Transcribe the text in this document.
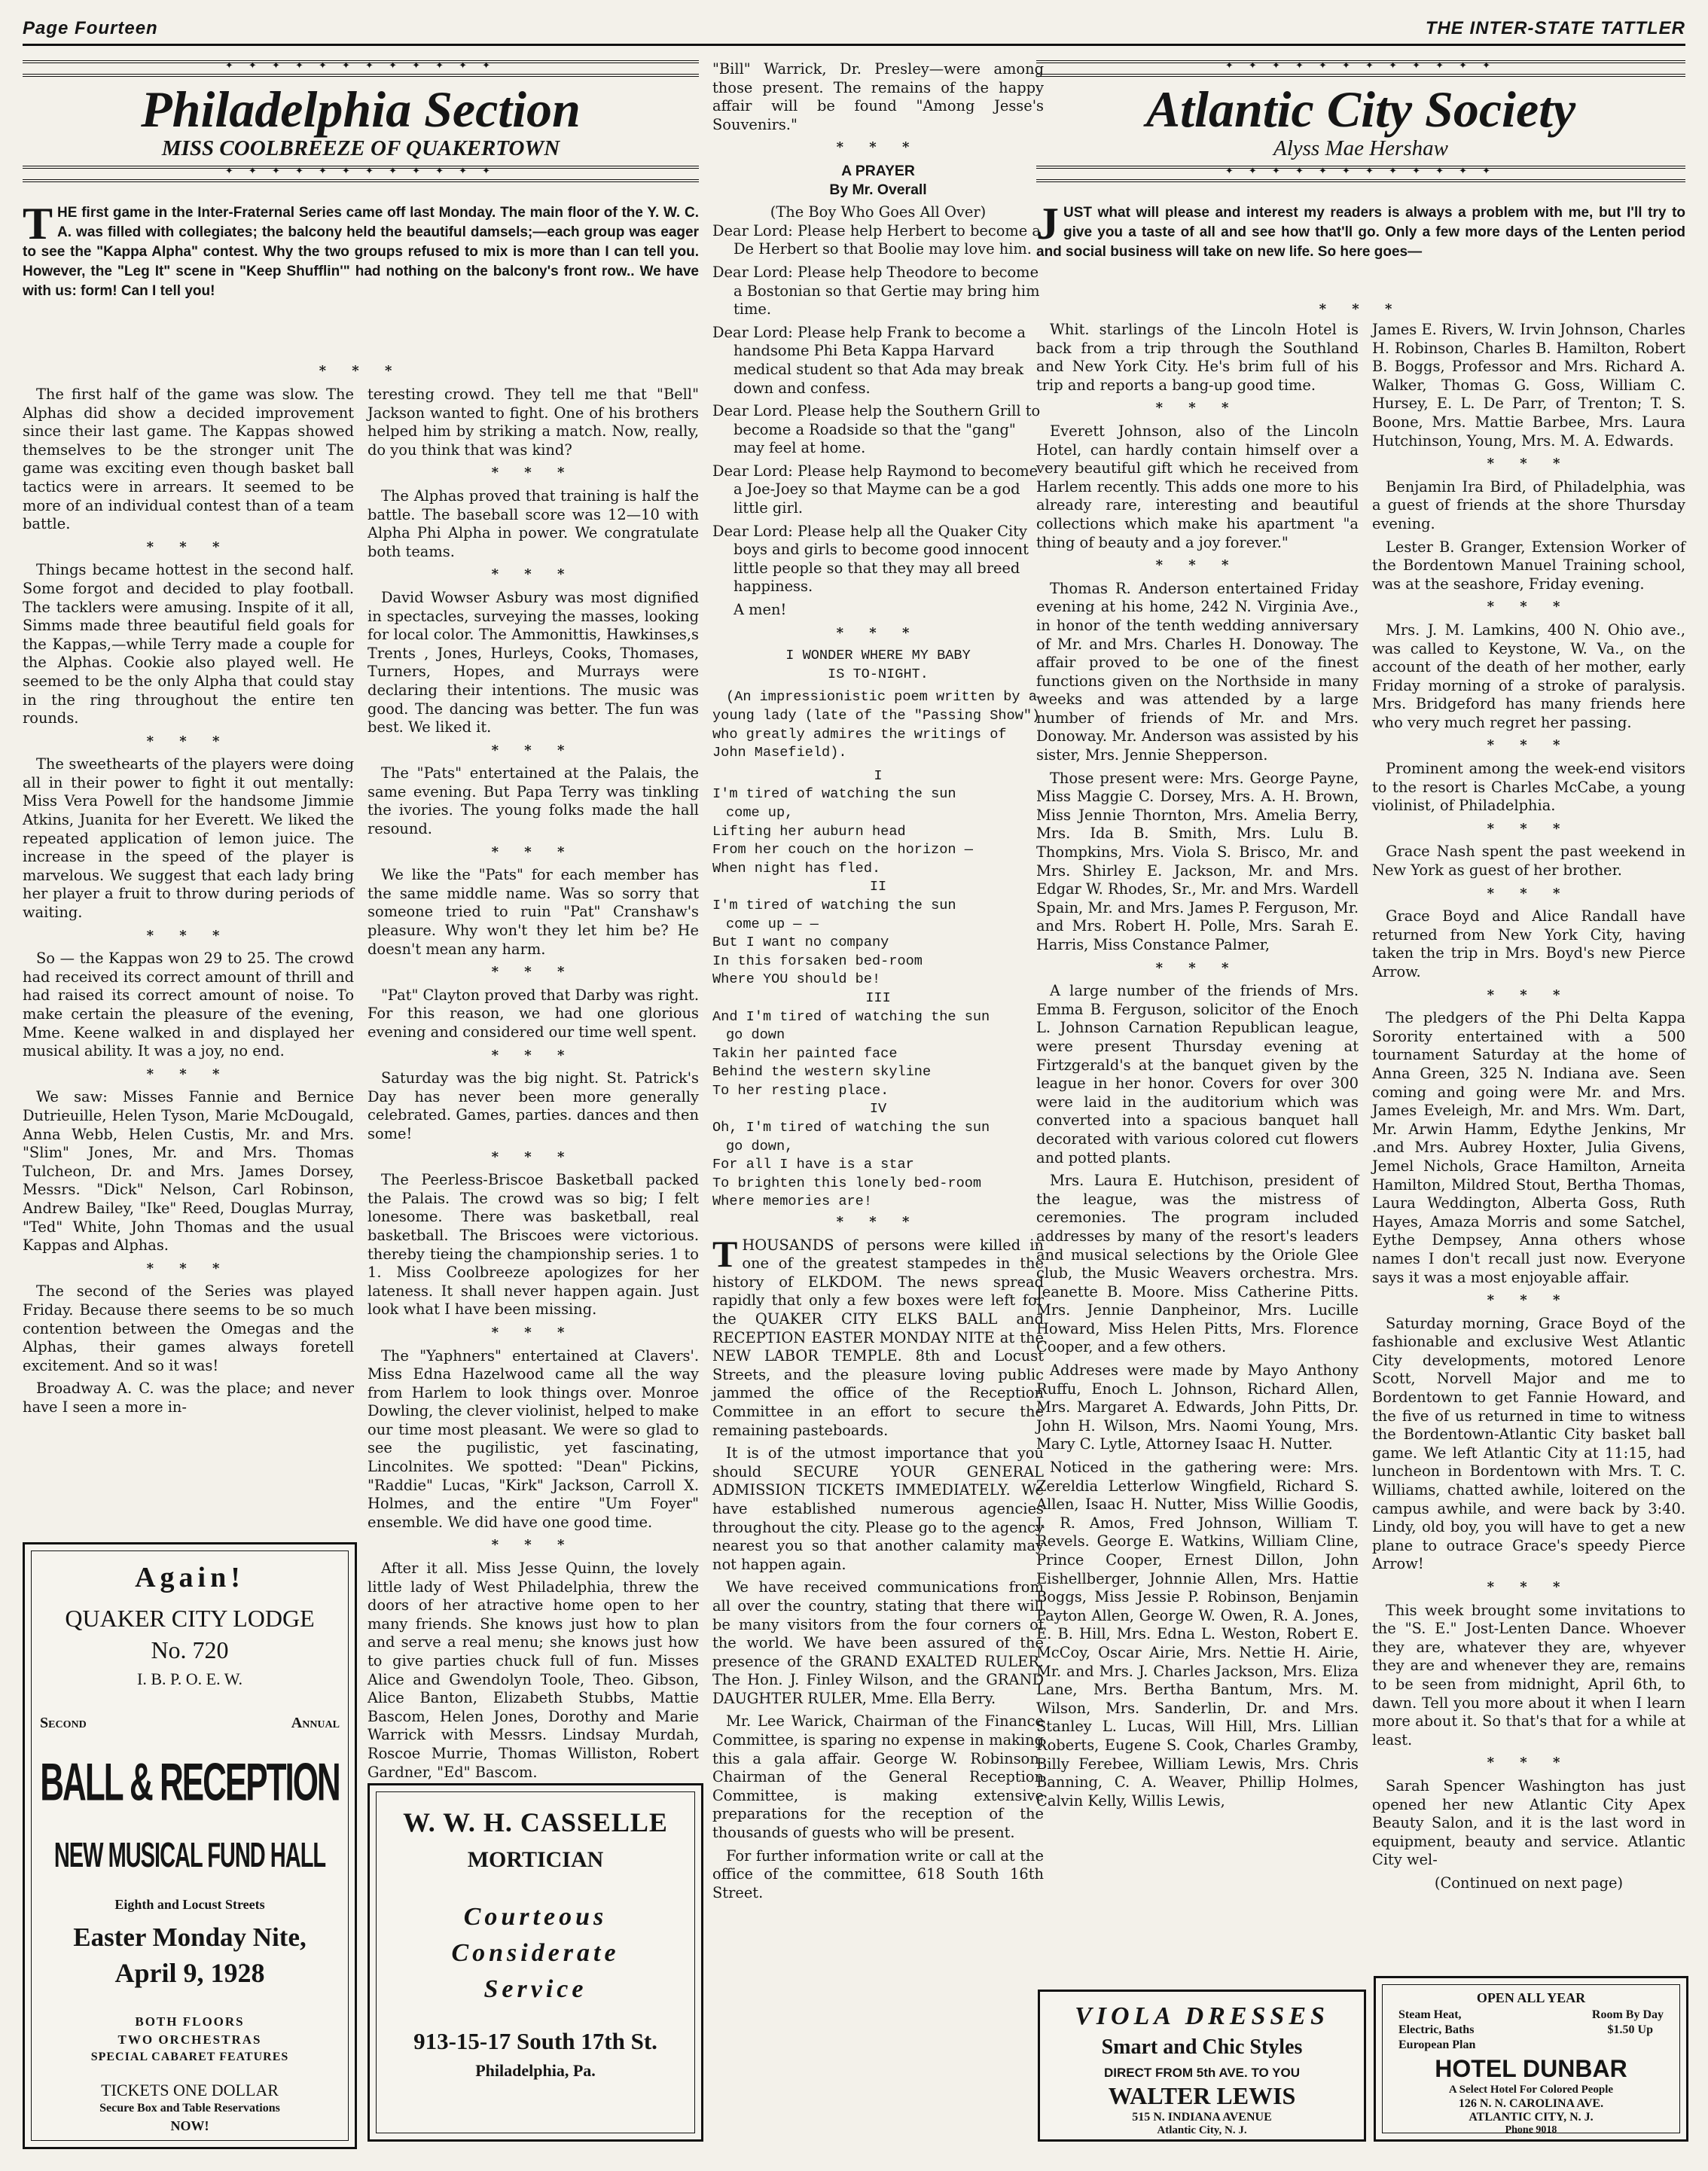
Page Fourteen	THE INTER-STATE TATTLER
✦ ✦ ✦ ✦ ✦ ✦ ✦ ✦ ✦ ✦ ✦ ✦
Philadelphia Section
MISS COOLBREEZE OF QUAKERTOWN
✦ ✦ ✦ ✦ ✦ ✦ ✦ ✦ ✦ ✦ ✦ ✦
THE first game in the Inter-Fraternal Series came off last Monday. The main floor of the Y. W. C. A. was filled with collegiates; the balcony held the beautiful damsels;—each group was eager to see the "Kappa Alpha" contest. Why the two groups refused to mix is more than I can tell you. However, the "Leg It" scene in "Keep Shufflin'" had nothing on the balcony's front row.. We have with us: form! Can I tell you!
* * *

The first half of the game was slow. The Alphas did show a decided improvement since their last game. The Kappas showed themselves to be the stronger unit The game was exciting even though basket ball tactics were in arrears. It seemed to be more of an individual contest than of a team battle.

* * *

Things became hottest in the second half. Some forgot and decided to play football. The tacklers were amusing. Inspite of it all, Simms made three beautiful field goals for the Kappas,—while Terry made a couple for the Alphas. Cookie also played well. He seemed to be the only Alpha that could stay in the ring throughout the entire ten rounds.

* * *

The sweethearts of the players were doing all in their power to fight it out mentally: Miss Vera Powell for the handsome Jimmie Atkins, Juanita for her Everett. We liked the repeated application of lemon juice. The increase in the speed of the player is marvelous. We suggest that each lady bring her player a fruit to throw during periods of waiting.

* * *

So — the Kappas won 29 to 25. The crowd had received its correct amount of thrill and had raised its correct amount of noise. To make certain the pleasure of the evening, Mme. Keene walked in and displayed her musical ability. It was a joy, no end.

* * *

We saw: Misses Fannie and Bernice Dutrieuille, Helen Tyson, Marie McDougald, Anna Webb, Helen Custis, Mr. and Mrs. "Slim" Jones, Mr. and Mrs. Thomas Tulcheon, Dr. and Mrs. James Dorsey, Messrs. "Dick" Nelson, Carl Robinson, Andrew Bailey, "Ike" Reed, Douglas Murray, "Ted" White, John Thomas and the usual Kappas and Alphas.

* * *

The second of the Series was played Friday. Because there seems to be so much contention between the Omegas and the Alphas, their games always foretell excitement. And so it was!

Broadway A. C. was the place; and never have I seen a more in-

teresting crowd. They tell me that "Bell" Jackson wanted to fight. One of his brothers helped him by striking a match. Now, really, do you think that was kind?

* * *

The Alphas proved that training is half the battle. The baseball score was 12—10 with Alpha Phi Alpha in power. We congratulate both teams.

* * *

David Wowser Asbury was most dignified in spectacles, surveying the masses, looking for local color. The Ammonittis, Hawkinses,s Trents , Jones, Hurleys, Cooks, Thomases, Turners, Hopes, and Murrays were declaring their intentions. The music was good. The dancing was better. The fun was best. We liked it.

* * *

The "Pats" entertained at the Palais, the same evening. But Papa Terry was tinkling the ivories. The young folks made the hall resound.

* * *

We like the "Pats" for each member has the same middle name. Was so sorry that someone tried to ruin "Pat" Cranshaw's pleasure. Why won't they let him be? He doesn't mean any harm.

* * *

"Pat" Clayton proved that Darby was right. For this reason, we had one glorious evening and considered our time well spent.

* * *

Saturday was the big night. St. Patrick's Day has never been more generally celebrated. Games, parties. dances and then some!

* * *

The Peerless-Briscoe Basketball packed the Palais. The crowd was so big; I felt lonesome. There was basketball, real basketball. The Briscoes were victorious. thereby tieing the championship series. 1 to 1. Miss Coolbreeze apologizes for her lateness. It shall never happen again. Just look what I have been missing.

* * *

The "Yaphners" entertained at Clavers'. Miss Edna Hazelwood came all the way from Harlem to look things over. Monroe Dowling, the clever violinist, helped to make our time most pleasant. We were so glad to see the pugilistic, yet fascinating, Lincolnites. We spotted: "Dean" Pickins, "Raddie" Lucas, "Kirk" Jackson, Carroll X. Holmes, and the entire "Um Foyer" ensemble. We did have one good time.

* * *

After it all. Miss Jesse Quinn, the lovely little lady of West Philadelphia, threw the doors of her atractive home open to her many friends. She knows just how to plan and serve a real menu; she knows just how to give parties chuck full of fun. Misses Alice and Gwendolyn Toole, Theo. Gibson, Alice Banton, Elizabeth Stubbs, Mattie Bascom, Helen Jones, Dorothy and Marie Warrick with Messrs. Lindsay Murdah, Roscoe Murrie, Thomas Williston, Robert Gardner, "Ed" Bascom.

"Bill" Warrick, Dr. Presley—were among those present. The remains of the happy affair will be found "Among Jesse's Souvenirs."

* * *
A PRAYER
By Mr. Overall
(The Boy Who Goes All Over)

Dear Lord: Please help Herbert to become a De Herbert so that Boolie may love him.

Dear Lord: Please help Theodore to become a Bostonian so that Gertie may bring him time.

Dear Lord: Please help Frank to become a handsome Phi Beta Kappa Harvard medical student so that Ada may break down and confess.

Dear Lord. Please help the Southern Grill to become a Roadside so that the "gang" may feel at home.

Dear Lord: Please help Raymond to become a Joe-Joey so that Mayme can be a god little girl.

Dear Lord: Please help all the Quaker City boys and girls to become good innocent little people so that they may all breed happiness.

A men!

* * *

I WONDER WHERE MY BABY

IS TO-NIGHT.

(An impressionistic poem written by a young lady (late of the "Passing Show") who greatly admires the writings of John Masefield).

I

I'm tired of watching the sun

come up,

Lifting her auburn head

From her couch on the horizon —

When night has fled.

II

I'm tired of watching the sun

come up — —

But I want no company

In this forsaken bed-room

Where YOU should be!

III

And I'm tired of watching the sun

go down

Takin her painted face

Behind the western skyline

To her resting place.

IV

Oh, I'm tired of watching the sun

go down,

For all I have is a star

To brighten this lonely bed-room

Where memories are!

* * *

THOUSANDS of persons were killed in one of the greatest stampedes in the history of ELKDOM. The news spread rapidly that only a few boxes were left for the QUAKER CITY ELKS BALL and RECEPTION EASTER MONDAY NITE at the NEW LABOR TEMPLE. 8th and Locust Streets, and the pleasure loving public jammed the office of the Reception Committee in an effort to secure the remaining pasteboards.

It is of the utmost importance that you should SECURE YOUR GENERAL ADMISSION TICKETS IMMEDIATELY. We have established numerous agencies throughout the city. Please go to the agency nearest you so that another calamity may not happen again.

We have received communications from all over the country, stating that there will be many visitors from the four corners of the world. We have been assured of the presence of the GRAND EXALTED RULER. The Hon. J. Finley Wilson, and the GRAND DAUGHTER RULER, Mme. Ella Berry.

Mr. Lee Warick, Chairman of the Finance Committee, is sparing no expense in making this a gala affair. George W. Robinson. Chairman of the General Reception Committee, is making extensive preparations for the reception of the thousands of guests who will be present.

For further information write or call at the office of the committee, 618 South 16th Street.

✦ ✦ ✦ ✦ ✦ ✦ ✦ ✦ ✦ ✦ ✦ ✦
Atlantic City Society
Alyss Mae Hershaw
✦ ✦ ✦ ✦ ✦ ✦ ✦ ✦ ✦ ✦ ✦ ✦
JUST what will please and interest my readers is always a problem with me, but I'll try to give you a taste of all and see how that'll go. Only a few more days of the Lenten period and social business will take on new life. So here goes—
* * *

Whit. starlings of the Lincoln Hotel is back from a trip through the Southland and New York City. He's brim full of his trip and reports a bang-up good time.

* * *

Everett Johnson, also of the Lincoln Hotel, can hardly contain himself over a very beautiful gift which he received from Harlem recently. This adds one more to his already rare, interesting and beautiful collections which make his apartment "a thing of beauty and a joy forever."

* * *

Thomas R. Anderson entertained Friday evening at his home, 242 N. Virginia Ave., in honor of the tenth wedding anniversary of Mr. and Mrs. Charles H. Donoway. The affair proved to be one of the finest functions given on the Northside in many weeks and was attended by a large number of friends of Mr. and Mrs. Donoway. Mr. Anderson was assisted by his sister, Mrs. Jennie Shepperson.

Those present were: Mrs. George Payne, Miss Maggie C. Dorsey, Mrs. A. H. Brown, Miss Jennie Thornton, Mrs. Amelia Berry, Mrs. Ida B. Smith, Mrs. Lulu B. Thompkins, Mrs. Viola S. Brisco, Mr. and Mrs. Shirley E. Jackson, Mr. and Mrs. Edgar W. Rhodes, Sr., Mr. and Mrs. Wardell Spain, Mr. and Mrs. James P. Ferguson, Mr. and Mrs. Robert H. Polle, Mrs. Sarah E. Harris, Miss Constance Palmer,

* * *

A large number of the friends of Mrs. Emma B. Ferguson, solicitor of the Enoch L. Johnson Carnation Republican league, were present Thursday evening at Firtzgerald's at the banquet given by the league in her honor. Covers for over 300 were laid in the auditorium which was converted into a spacious banquet hall decorated with various colored cut flowers and potted plants.

Mrs. Laura E. Hutchison, president of the league, was the mistress of ceremonies. The program included addresses by many of the resort's leaders and musical selections by the Oriole Glee club, the Music Weavers orchestra. Mrs. Jeanette B. Moore. Miss Catherine Pitts. Mrs. Jennie Danpheinor, Mrs. Lucille Howard, Miss Helen Pitts, Mrs. Florence Cooper, and a few others.

Addreses were made by Mayo Anthony Ruffu, Enoch L. Johnson, Richard Allen, Mrs. Margaret A. Edwards, John Pitts, Dr. John H. Wilson, Mrs. Naomi Young, Mrs. Mary C. Lytle, Attorney Isaac H. Nutter.

Noticed in the gathering were: Mrs. Zereldia Letterlow Wingfield, Richard S. Allen, Isaac H. Nutter, Miss Willie Goodis, J. R. Amos, Fred Johnson, William T. Revels. George E. Watkins, William Cline, Prince Cooper, Ernest Dillon, John Eishellberger, Johnnie Allen, Mrs. Hattie Boggs, Miss Jessie P. Robinson, Benjamin Payton Allen, George W. Owen, R. A. Jones, E. B. Hill, Mrs. Edna L. Weston, Robert E. McCoy, Oscar Airie, Mrs. Nettie H. Airie, Mr. and Mrs. J. Charles Jackson, Mrs. Eliza Lane, Mrs. Bertha Bantum, Mrs. M. Wilson, Mrs. Sanderlin, Dr. and Mrs. Stanley L. Lucas, Will Hill, Mrs. Lillian Roberts, Eugene S. Cook, Charles Gramby, Billy Ferebee, William Lewis, Mrs. Chris Banning, C. A. Weaver, Phillip Holmes, Calvin Kelly, Willis Lewis,

James E. Rivers, W. Irvin Johnson, Charles H. Robinson, Charles B. Hamilton, Robert B. Boggs, Professor and Mrs. Richard A. Walker, Thomas G. Goss, William C. Hursey, E. L. De Parr, of Trenton; T. S. Boone, Mrs. Mattie Barbee, Mrs. Laura Hutchinson, Young, Mrs. M. A. Edwards.

* * *

Benjamin Ira Bird, of Philadelphia, was a guest of friends at the shore Thursday evening.

Lester B. Granger, Extension Worker of the Bordentown Manuel Training school, was at the seashore, Friday evening.

* * *

Mrs. J. M. Lamkins, 400 N. Ohio ave., was called to Keystone, W. Va., on the account of the death of her mother, early Friday morning of a stroke of paralysis. Mrs. Bridgeford has many friends here who very much regret her passing.

* * *

Prominent among the week-end visitors to the resort is Charles McCabe, a young violinist, of Philadelphia.

* * *

Grace Nash spent the past weekend in New York as guest of her brother.

* * *

Grace Boyd and Alice Randall have returned from New York City, having taken the trip in Mrs. Boyd's new Pierce Arrow.

* * *

The pledgers of the Phi Delta Kappa Sorority entertained with a 500 tournament Saturday at the home of Anna Green, 325 N. Indiana ave. Seen coming and going were Mr. and Mrs. James Eveleigh, Mr. and Mrs. Wm. Dart, Mr. Arwin Hamm, Edythe Jenkins, Mr .and Mrs. Aubrey Hoxter, Julia Givens, Jemel Nichols, Grace Hamilton, Arneita Hamilton, Mildred Stout, Bertha Thomas, Laura Weddington, Alberta Goss, Ruth Hayes, Amaza Morris and some Satchel, Eythe Dempsey, Anna others whose names I don't recall just now. Everyone says it was a most enjoyable affair.

* * *

Saturday morning, Grace Boyd of the fashionable and exclusive West Atlantic City developments, motored Lenore Scott, Norvell Major and me to Bordentown to get Fannie Howard, and the five of us returned in time to witness the Bordentown-Atlantic City basket ball game. We left Atlantic City at 11:15, had luncheon in Bordentown with Mrs. T. C. Williams, chatted awhile, loitered on the campus awhile, and were back by 3:40. Lindy, old boy, you will have to get a new plane to outrace Grace's speedy Pierce Arrow!

* * *

This week brought some invitations to the "S. E." Jost-Lenten Dance. Whoever they are, whatever they are, whyever they are and whenever they are, remains to be seen from midnight, April 6th, to dawn. Tell you more about it when I learn more about it. So that's that for a while at least.

* * *

Sarah Spencer Washington has just opened her new Atlantic City Apex Beauty Salon, and it is the last word in equipment, beauty and service. Atlantic City wel-

(Continued on next page)
Again!
QUAKER CITY LODGE
No. 720
I. B. P. O. E. W.
Second	Annual
BALL & RECEPTION
NEW MUSICAL FUND HALL
Eighth and Locust Streets
Easter Monday Nite,
April 9, 1928
BOTH FLOORS
TWO ORCHESTRAS
SPECIAL CABARET FEATURES
TICKETS ONE DOLLAR
Secure Box and Table Reservations
NOW!
W. W. H. CASSELLE
MORTICIAN
Courteous
Considerate
Service
913-15-17 South 17th St.
Philadelphia, Pa.
VIOLA DRESSES
Smart and Chic Styles
DIRECT FROM 5th AVE. TO YOU
WALTER LEWIS
515 N. INDIANA AVENUE
Atlantic City, N. J.
OPEN ALL YEAR
Steam Heat,	Room By Day
Electric, Baths	$1.50 Up
European Plan
HOTEL DUNBAR
A Select Hotel For Colored People
126 N. N. CAROLINA AVE.
ATLANTIC CITY, N. J.
Phone 9018
